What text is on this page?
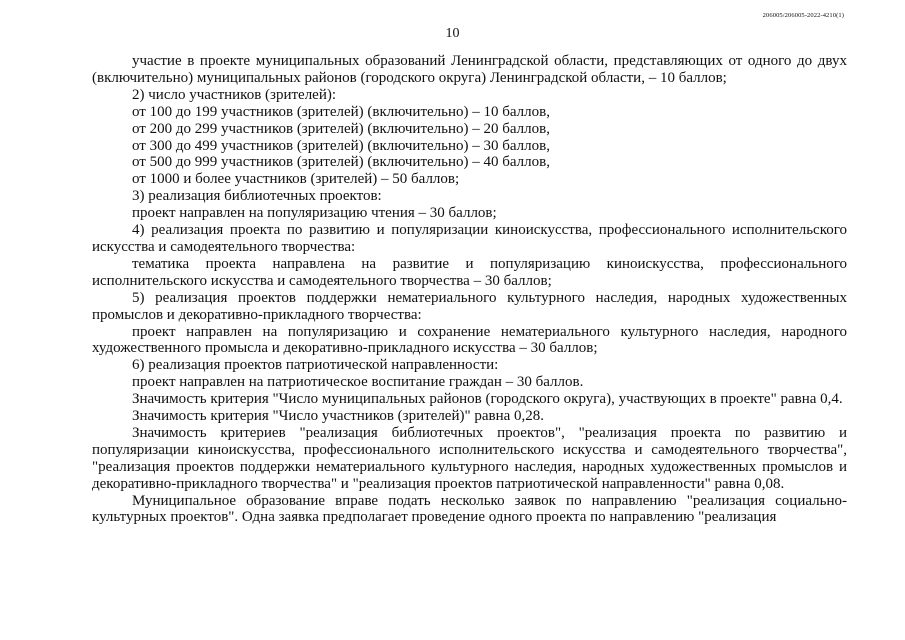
206005/206005-2022-4210(1)
10

участие в проекте муниципальных образований Ленинградской области, представляющих от одного до двух (включительно) муниципальных районов (городского округа) Ленинградской области, – 10 баллов;

2) число участников (зрителей):

от 100 до 199 участников (зрителей) (включительно) – 10 баллов,

от 200 до 299 участников (зрителей) (включительно) – 20 баллов,

от 300 до 499 участников (зрителей) (включительно) – 30 баллов,

от 500 до 999 участников (зрителей) (включительно) – 40 баллов,

от 1000 и более участников (зрителей) – 50 баллов;

3) реализация библиотечных проектов:

проект направлен на популяризацию чтения – 30 баллов;

4) реализация проекта по развитию и популяризации киноискусства, профессионального исполнительского искусства и самодеятельного творчества:

тематика проекта направлена на развитие и популяризацию киноискусства, профессионального исполнительского искусства и самодеятельного творчества – 30 баллов;

5) реализация проектов поддержки нематериального культурного наследия, народных художественных промыслов и декоративно-прикладного творчества:

проект направлен на популяризацию и сохранение нематериального культурного наследия, народного художественного промысла и декоративно-прикладного искусства – 30 баллов;

6) реализация проектов патриотической направленности:

проект направлен на патриотическое воспитание граждан – 30 баллов.

Значимость критерия "Число муниципальных районов (городского округа), участвующих в проекте" равна 0,4.

Значимость критерия "Число участников (зрителей)" равна 0,28.

Значимость критериев "реализация библиотечных проектов", "реализация проекта по развитию и популяризации киноискусства, профессионального исполнительского искусства и самодеятельного творчества", "реализация проектов поддержки нематериального культурного наследия, народных художественных промыслов и декоративно-прикладного творчества" и "реализация проектов патриотической направленности" равна 0,08.

Муниципальное образование вправе подать несколько заявок по направлению "реализация социально-культурных проектов". Одна заявка предполагает проведение одного проекта по направлению "реализация
